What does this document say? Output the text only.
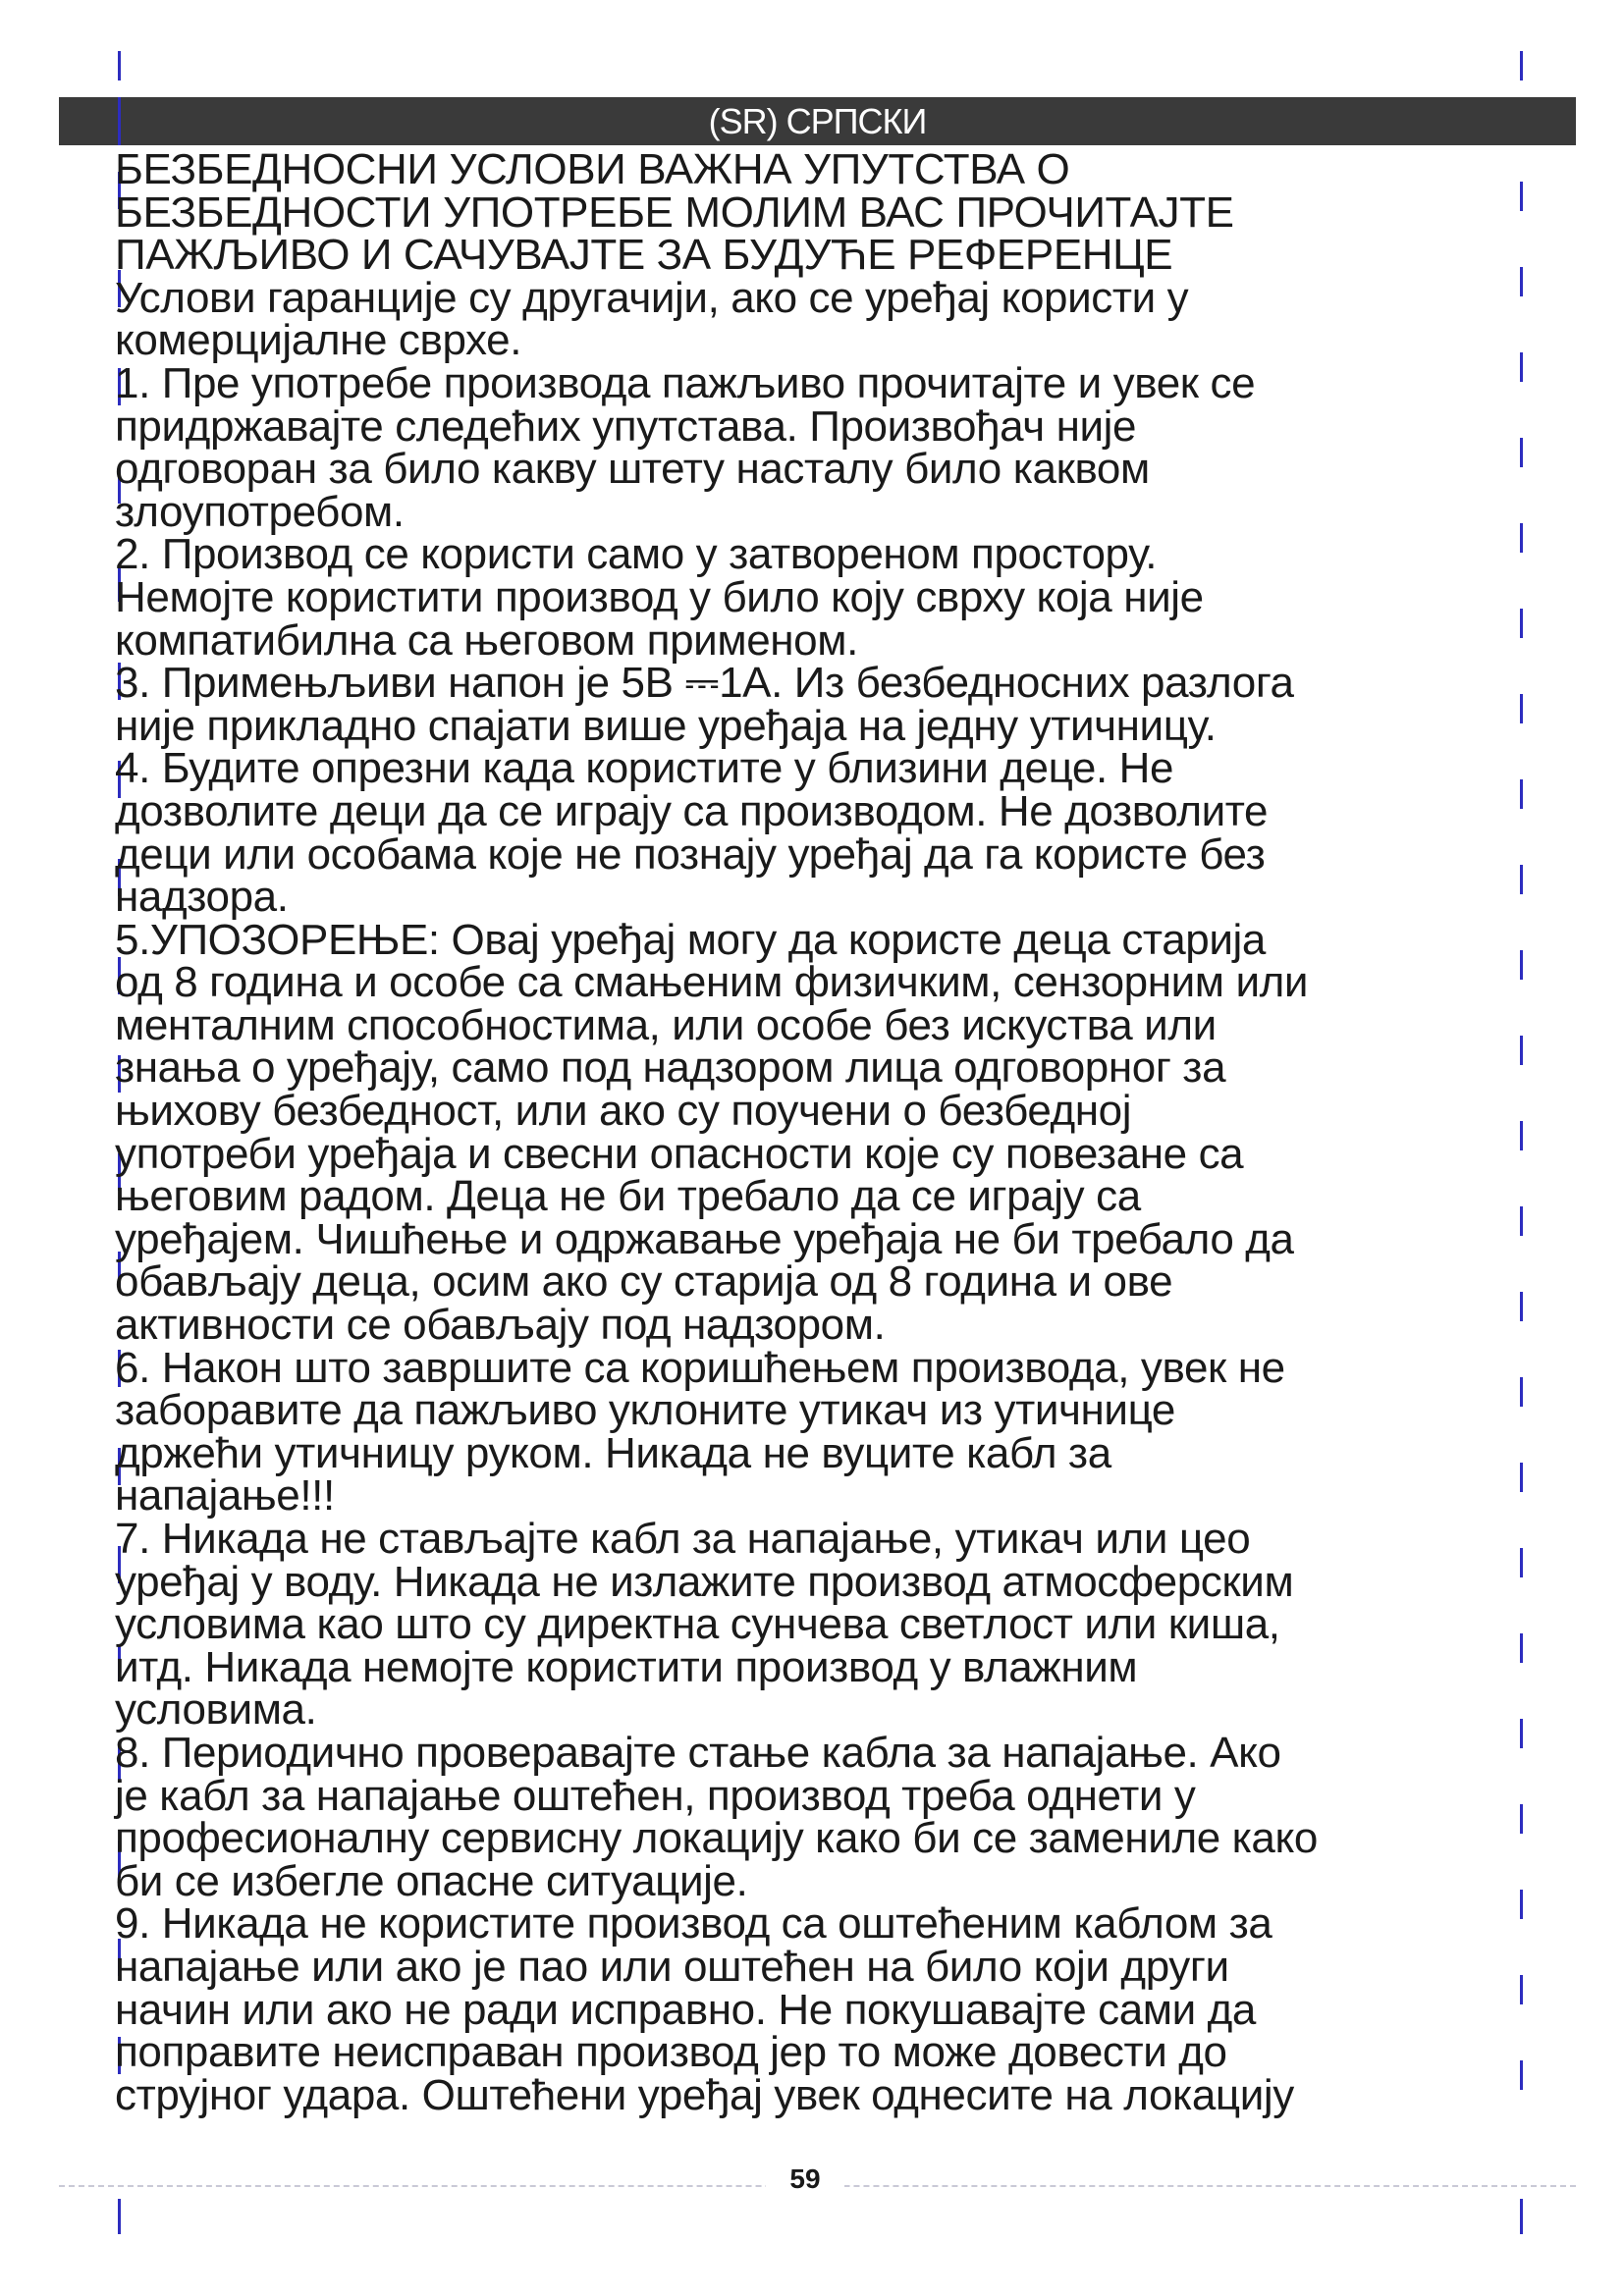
(SR) СРПСКИ

БЕЗБЕДНОСНИ УСЛОВИ ВАЖНА УПУТСТВА О

БЕЗБЕДНОСТИ УПОТРЕБЕ МОЛИМ ВАС ПРОЧИТАЈТЕ

ПАЖЉИВО И САЧУВАЈТЕ ЗА БУДУЋЕ РЕФЕРЕНЦЕ

Услови гаранције су другачији, ако се уређај користи у

комерцијалне сврхе.

1. Пре употребе производа пажљиво прочитајте и увек се

придржавајте следећих упутстава. Произвођач није

одговоран за било какву штету насталу било каквом

злоупотребом.

2. Производ се користи само у затвореном простору.

Немојте користити производ у било коју сврху која није

компатибилна са његовом применом.

3. Примењљиви напон је 5В ⎓1А. Из безбедносних разлога

није прикладно спајати више уређаја на једну утичницу.

4. Будите опрезни када користите у близини деце. Не

дозволите деци да се играју са производом. Не дозволите

деци или особама које не познају уређај да га користе без

надзора.

5.УПОЗОРЕЊЕ: Овај уређај могу да користе деца старија

од 8 година и особе са смањеним физичким, сензорним или

менталним способностима, или особе без искуства или

знања о уређају, само под надзором лица одговорног за

њихову безбедност, или ако су поучени о безбедној

употреби уређаја и свесни опасности које су повезане са

његовим радом. Деца не би требало да се играју са

уређајем. Чишћење и одржавање уређаја не би требало да

обављају деца, осим ако су старија од 8 година и ове

активности се обављају под надзором.

6. Након што завршите са коришћењем производа, увек не

заборавите да пажљиво уклоните утикач из утичнице

држећи утичницу руком. Никада не вуците кабл за

напајање!!!

7. Никада не стављајте кабл за напајање, утикач или цео

уређај у воду. Никада не излажите производ атмосферским

условима као што су директна сунчева светлост или киша,

итд. Никада немојте користити производ у влажним

условима.

8. Периодично проверавајте стање кабла за напајање. Ако

је кабл за напајање оштећен, производ треба однети у

професионалну сервисну локацију како би се замениле како

би се избегле опасне ситуације.

9. Никада не користите производ са оштећеним каблом за

напајање или ако је пао или оштећен на било који други

начин или ако не ради исправно. Не покушавајте сами да

поправите неисправан производ јер то може довести до

струјног удара. Оштећени уређај увек однесите на локацију

59
